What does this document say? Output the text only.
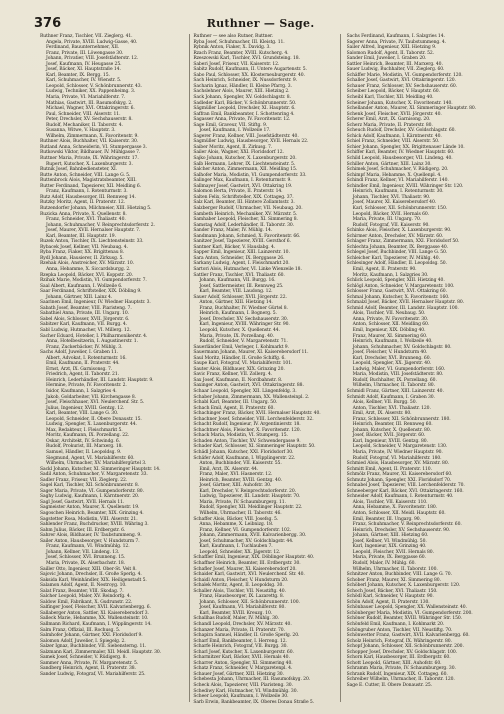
376	Ruthner — Sage.
Ruthner Franz, Tischler, VII. Zieglerg. 41.
Angela, Private, XVIII. Ludwig-Gasse, 40.
Ferdinand, Bauunternehmer, XII.
Franz, Private, III. Löwengasse 30.
Johann, Privatier, VIII. Josefstädterstr. 12.
Josef, Kaufmann, IV. Heugasse 25.
Josef, Bäcker, XI. Hauptstraße 14.
Karl, Beamter, IX. Bergg. 15.
Karl, Schuhmacher, IV. Wienstr. 5.
Leopold, Schlosser, V. Schönbrunnerstr. 43.
Ludwig, Techniker, XX. Pappenheimg. 3.
Maria, Private, VI. Mariahilferstr. 7.
Mathias, Gastwirt, III. Rasumofskyg. 2.
Michael, Wagner, XVI. Ottakringerstr. 6.
Paul, Schneider, VIII. Alserstr. 11.
Peter, Drechsler, XV. Sechshauserstr. 8.
Rudolf, Mechaniker, II. Taborstr. 4.
Susanna, Witwe, V. Hauptstr. 3.
Wilhelm, Zimmermann, X. Favoritenstr. 9.
Ruthner Alois, Buchhalter, VII. Kaiserstr. 30.
Rutland Anna, Schneiderin, VI. Stumpergasse 3.
Rutkowski Viktor, Bildhauer, IV. Mühlgasse 7.
Ruttner Maria, Private, IX. Währingerstr. 17.
Rupert, Kutscher, X. Laxenburgerstr. 3.
Rutnik Josef, Bahnbediensteter, XI.
Rutte Anton, Schneider, VIII. Lange G. 5.
Ruttenbrock Alois, Magistratsbeamter, XIII.
Rutter Ferdinand, Tapezierer, XII. Meidling 6.
Franz, Kaufmann, I. Rotenturmstr. 3.
Rutz Adolf, Hausbesorger, III. Rennweg 14.
Rutzky Moritz, Agent, II. Praterstr. 12.
Rutzendorfer Johann, Milchmeier, XIII. Hietzing 5.
Ruzicka Anna, Private, X. Quellenstr. 8.
Franz, Schneider, XVI. Thaliastr. 40.
Johann, Schuhmacher, V. Reinprechtsdorferstr. 2.
Josef, Maurer, XVII. Hernalser Hauptstr. 7.
Karl, Beamter, III. Hauptstr. 19.
Ruzek Anton, Tischler, IX. Liechtensteinstr. 33.
Rybacek Josef, Kellner, VII. Neubaug. 4.
Ryba Franz, Fiaker, XX. Brigittenau 8.
Rydl Johann, Hausierer, II. Zirkusg. 5.
Rzehak Alois, Anstreicher, XV. Märzstr. 10.
Anna, Hebamme, X. Siccardsburgg. 2.
Rzepka Leopold, Bäcker, XVI. Koppstr. 20.
Rzihak Marie, Modistin, VI. Gumpendorferstr. 7.
Saal Albert, Kaufmann, I. Wollzeile 6.
Saar Ferdinand, Schriftsteller, XIX. Döbling 9.
Johann, Gärtner, XIII. Lainz 4.
Saarinen Emil, Ingenieur, IV. Wiedner Hauptstr. 3.
Sabath Josef, Beamter, VIII. Piaristeng. 7.
Sabathiel Anna, Private, III. Ungarg. 10.
Sabel Alois, Schlosser, XVII. Jörgerstr. 6.
Sabitzer Karl, Kaufmann, VII. Burgg. 4.
Sabl Ludwig, Hutmacher, VI. Millerg. 12.
Sacher Eduard, Hotelier, I. Philharmonikerstr. 4.
Anna, Hotelbesitzerin, I. Augustinerstr. 1.
Franz, Zuckerbäcker, IV. Mühlg. 3.
Sachs Adolf, Juwelier, I. Graben 11.
Albert, Advokat, I. Rotenturmstr. 16.
Emil, Kaufmann, II. Praterstr. 44.
Ernst, Arzt, IX. Garnisonsg. 7.
Friedrich, Agent, II. Taborstr. 21.
Heinrich, Lederhändler, III. Landstr. Hauptstr. 9.
Hermine, Private, IV. Favoritenstr. 2.
Isidor, Kaufmann, I. Salzgries 4.
Jakob, Goldarbeiter, VII. Kirchengasse 8.
Josef, Fleischhauer, XVI. Neulerchenf. Str. 5.
Julius, Ingenieur, XVIII. Gentzg. 12.
Karl, Beamter, VIII. Lange G. 30.
Leopold, Schneider, II. Obere Donaustr. 15.
Ludwig, Spengler, X. Laxenburgerstr. 44.
Max, Redakteur, I. Fleischmarkt 5.
Moritz, Kaufmann, IX. Porzellang. 22.
Oskar, Architekt, IV. Schwindg. 6.
Rudolf, Prokurist, III. Marxerg. 18.
Samuel, Händler, II. Leopoldsg. 9.
Siegmund, Agent, VI. Mariahilferstr. 60.
Wilhelm, Uhrmacher, XV. Mariahilfergürtel 3.
Sackl Johann, Kutscher, XI. Simmeringer Hauptstr. 14.
Sadil Anton, Schuhmacher, V. Margaretenstr. 33.
Sadler Franz, Friseur, VII. Zieglerg. 22.
Sagel Karl, Tischler, XII. Schönbrunnerstr. 8.
Sager Maria, Private, VI. Gumpendorferstr. 80.
Saghy Ludwig, Kaufmann, I. Kärntnerstr. 20.
Sagl Josef, Gastwirt, XVII. Hernals 11.
Sagmeister Anton, Maurer, X. Quellenstr. 19.
Sagoschen Heinrich, Beamter, XIX. Grinzing 4.
Sagstetter Rosa, Modistin, VIII. Alserstr. 21.
Sahlender Franz, Buchdrucker, XVIII. Währing 3.
Sahm Julius, Bäcker, III. Erdbergstr. 6.
Sahrer Alois, Bildhauer, IV. Taubstummeng. 9.
Sailer Anton, Hausbesorger, V. Hundsturm 7.
Franz, Kaufmann, VI. Windmühlg. 12.
Johann, Kellner, VII. Lindeng. 13.
Josef, Schlosser, XVI. Brunneng. 15.
Maria, Private, IX. Alserbachstr. 18.
Sailler Otto, Ingenieur, XIII. Ober-St. Veit 8.
Sajovic Johann, Drechsler, II. Große Sperlg. 4.
Saksida Karl, Weinhändler, XIX. Heiligenstadt 5.
Salamon Adolf, Agent, II. Nestroyg. 10.
Salat Franz, Beamter, VIII. Skodag. 7.
Salcher Leopold, Maler, XV. Reindorfg. 4.
Saldow Emil, Fabrikant, X. Gudrunstr. 22.
Salfinger Josef, Fleischer, XVII. Kalvarienbergg. 6.
Sallaberger Anton, Sattler, XI. Kaiserebersdorf 3.
Salleck Marie, Hebamme, XX. Wallensteinstr. 10.
Sallmann Richard, Kaufmann, I. Wipplingerstr. 14.
Salm Franz, Offizial, III. Rochusg. 5.
Salmhofer Johann, Gärtner, XXI. Floridsdorf 9.
Salomon Adolf, Juwelier, I. Spiegelg. 2.
Salzer Ignaz, Buchbinder, VII. Siebensterng. 11.
Salzmann Karl, Zimmermaler, XII. Meidl. Hauptstr. 30.
Samek Josef, Schneider, V. Rüdigerg. 8.
Sammer Anna, Private, IV. Margaretenstr. 5.
Sandberg Heinrich, Agent, II. Praterstr. 38.
Sander Ludwig, Fotograf, VI. Mariahilferstr. 25.
Ruthner — see also Rutner, Ruttner.
Ryba Josef, Schuhmacher, III. Kleistg. 11.
Rybnik Anton, Fiaker, X. Davidg. 3.
Rzach Franz, Beamter, XVIII. Kutscherg. 4.
Rzeszowski Karl, Tischler, XVI. Grundsteing. 18.
Saberi Josef, Friseur, VII. Kaiserstr. 12.
Sabitz Rudolf, Kaufmann, II. Untere Augartenstr. 5.
Sabo Paul, Schlosser, XX. Klosterneuburgerstr. 40.
Sach Heinrich, Schneider, IX. Nussdorferstr. 9.
Sacharin Ignaz, Händler, II. Kleine Pfarrg. 3.
Sachslehner Alois, Maurer, XIII. Hietzing 2.
Sack Johann, Spengler, XV. Goldschlagstr. 8.
Sadleder Karl, Bäcker, V. Schönbrunnerstr. 50.
Sägmüller Leopold, Drechsler, XI. Hauptstr. 6.
Saffran Emil, Bankbeamter, I. Schottenring 4.
Sagasser Anna, Private, IV. Favoritenstr. 12.
Sage Emil, Graveur, VII. Stiftg. 9.
Josef, Kaufmann, I. Wollzeile 17.
Sagerer Franz, Kellner, VIII. Josefstädterstr. 40.
Sagmüller Ludwig, Hausbesorger, XVII. Hernals 22.
Saiber Moritz, Agent, II. Zirkusg. 7.
Sailer Alois, Wagner, XXI. Floridsdorf 12.
Sajko Johann, Kutscher, X. Laxenburgerstr. 20.
Salb Hermann, Lehrer, IX. Liechtensteinstr. 5.
Salcher Anton, Zimmermann, XII. Meidling 15.
Salhofer Maria, Modistin, VI. Gumpendorferstr. 33.
Salinger Max, Kaufmann, I. Rotenturmstr. 9.
Sallmayer Josef, Gastwirt, XVI. Ottakring 19.
Salomon Berta, Private, II. Praterstr. 14.
Salten Felix, Schriftsteller, XIX. Cottageg. 37.
Salz Karl, Beamter, III. Hintere Zollamtsstr. 3.
Salzberger Rudolf, Uhrmacher, VII. Neubaug. 20.
Sambeth Heinrich, Mechaniker, XV. Märzstr. 5.
Samhaber Leopold, Fleischer, XI. Simmering 8.
Samstag Adolf, Lederhändler, II. Taborstr. 30.
Sander Franz, Maler, IV. Mühlg. 14.
Sandmann Johann, Schmied, X. Favoritenstr. 66.
Sanitzer Josef, Tapezierer, XVIII. Gersthof 6.
Santner Karl, Bäcker, V. Hauslabg. 4.
Sapper Emil, Ingenieur, XIII. Lainzerstr. 10.
Sara Anton, Schneider, IX. Berggasse 26.
Sarkany Ludwig, Agent, I. Fleischmarkt 20.
Sartori Alois, Hutmacher, VI. Linke Wienzeile 18.
Sattler Franz, Tischler, XVI. Thaliastr. 60.
Johann, Kaufmann, VII. Burgg. 16.
Josef, Sattlermeister, III. Rennweg 25.
Karl, Beamter, VIII. Laudong. 12.
Sauer Adolf, Schlosser, XVII. Jörgerstr. 22.
Anton, Gärtner, XIII. Hietzing 14.
Franz, Buchhalter, IV. Wiedner Gürtel 8.
Heinrich, Kaufmann, I. Bognerg. 5.
Josef, Drechsler, XV. Sechshauserstr. 30.
Karl, Ingenieur, XVIII. Währinger Str. 90.
Leopold, Kutscher, X. Quellenstr. 44.
Maria, Private, IX. Porzellang. 40.
Rudolf, Schneider, V. Margaretenstr. 71.
Sauerländer Emil, Verleger, I. Kohlmarkt 9.
Sauermann Johann, Maurer, XI. Kaiserebersdorf 11.
Saul Moritz, Händler, II. Große Schiffg. 6.
Saupe Karl, Fotograf, VI. Mariahilferstr. 101.
Sauter Alois, Bildhauer, XIX. Grinzing 20.
Savic Franz, Kellner, VII. Zollerg. 4.
Sax Josef, Kaufmann, II. Nordbahnstr. 8.
Saxinger Anton, Gastwirt, XVI. Ottakringerstr. 88.
Schaar Leopold, Spengler, XII. Längenfeldg. 3.
Schaber Johann, Zimmermann, XX. Wallensteinpl. 2.
Schabl Karl, Beamter, III. Ungarg. 50.
Schach Emil, Agent, II. Praterstr. 60.
Schachinger Franz, Bäcker, XVII. Hernalser Hauptstr. 40.
Schachner Josef, Schneider, VIII. Lerchenfelderstr. 32.
Schacht Rudolf, Ingenieur, IV. Argentinierstr. 18.
Schachtner Alois, Fleischer, X. Favoritenstr. 120.
Schack Maria, Modistin, VI. Stumperg. 15.
Schaden Anton, Tischler, XV. Schwendergasse 9.
Schader Karl, Schlosser, XI. Simmeringer Hauptstr. 50.
Schädl Johann, Kutscher, XXI. Floridsdorf 30.
Schäfer Adolf, Kaufmann, I. Wipplingerstr. 22.
Anton, Buchbinder, VII. Kaiserstr. 55.
Emil, Arzt, IX. Alserstr. 44.
Franz, Maler, XVI. Hasnerstr. 12.
Heinrich, Beamter, XVIII. Gentzg. 40.
Josef, Gärtner, XIII. Auhofstr. 30.
Karl, Drechsler, V. Reinprechtsdorferstr. 20.
Ludwig, Tapezierer, III. Landstr. Hauptstr. 70.
Maria, Private, IV. Schaumburgerg. 11.
Rudolf, Spengler, XII. Meidlinger Hauptstr. 22.
Wilhelm, Uhrmacher, II. Taborstr. 46.
Schaffer Alois, Bäcker, VIII. Josefsg. 5.
Anna, Hebamme, X. Leibnizg. 18.
Franz, Kellner, VI. Gumpendorferstr. 102.
Johann, Zimmermann, XVII. Kalvarienbergg. 30.
Josef, Schuhmacher, XV. Goldschlagstr. 44.
Karl, Kaufmann, I. Tuchlauben 7.
Leopold, Schneider, XX. Jägerstr. 12.
Schaffler Emil, Ingenieur, XIX. Döblinger Hauptstr. 40.
Schaffner Heinrich, Beamter, III. Erdbergstr. 30.
Schafler Josef, Maurer, XI. Kaiserebersdorf 20.
Schaider Karl, Gastwirt, XVI. Neulerchenf. Str. 40.
Schaidl Anton, Fleischer, V. Hundsturm 20.
Schalek Moritz, Agent, II. Leopoldsg. 30.
Schaller Alois, Tischler, VII. Neustiftg. 40.
Franz, Hausbesorger, IX. Lazarettg. 8.
Johann, Schlosser, XII. Schönbrunnerstr. 100.
Josef, Kaufmann, VI. Mariahilferstr. 80.
Karl, Beamter, XVIII. Kreuzg. 10.
Schallhas Rudolf, Maler, IV. Mühlg. 30.
Schandl Leopold, Drechsler, XV. Märzstr. 40.
Schanzer Maria, Private, II. Praterstr. 70.
Schapira Samuel, Händler, II. Große Sperlg. 20.
Scharf Emil, Bankbeamter, I. Herreng. 12.
Scharfe Heinrich, Fotograf, VII. Burgg. 30.
Scharl Josef, Kutscher, X. Laxenburgerstr. 60.
Scharmitzer Karl, Bäcker, XVII. Hernals 40.
Scharrer Anton, Spengler, XI. Simmering 40.
Schatz Franz, Schneider, V. Margaretenpl. 4.
Schauer Josef, Gärtner, XIII. Hietzing 30.
Schebesta Johann, Uhrmacher, III. Rasumofskyg. 20.
Scheck Alois, Tapezierer, VIII. Piaristeng. 30.
Schediwy Karl, Hutmacher, VI. Windmühlg. 30.
Scheer Leopold, Kaufmann, I. Wollzeile 30.
Sarb Erwin, Bankbeamter, IX. Oberes Donau Straße 5.
Sachs Ferdinand, Kaufmann, I. Salzgries 14.
Sagerer Anna, Private, IV. Taubstummeng. 4.
Sailer Alfred, Ingenieur, XIII. Hietzing 9.
Salomon Rudolf, Agent, II. Taborstr. 52.
Sander Emil, Juwelier, I. Graben 20.
Sattler Heinrich, Beamter, III. Marxerg. 40.
Sauer Ludwig, Buchhalter, VII. Zieglerg. 60.
Schäffer Marie, Modistin, VI. Gumpendorferstr. 120.
Schaller Josef, Gastwirt, XVI. Ottakringerstr. 120.
Schauer Franz, Schlosser, XV. Sechshauserstr. 60.
Scheiber Leopold, Bäcker, V. Hauptstr. 60.
Scheibl Karl, Tischler, XII. Meidling 40.
Scheiner Johann, Kutscher, X. Favoritenstr. 140.
Schellander Anton, Maurer, XI. Simmeringer Hauptstr. 80.
Schenk Josef, Fleischer, XVII. Jörgerstr. 40.
Scherer Emil, Arzt, IX. Garnisong. 20.
Scherz Maria, Private, II. Praterstr. 80.
Scheuch Rudolf, Drechsler, XV. Goldschlagstr. 60.
Schick Adolf, Kaufmann, I. Kärntnerstr. 40.
Schiel Franz, Schneider, VIII. Alserstr. 50.
Schier Johann, Spengler, XX. Brigittenauer Lände 10.
Schiffer Karl, Beamter, IV. Wiedner Hauptstr. 60.
Schild Leopold, Hausbesorger, VII. Lindeng. 40.
Schiller Anton, Gärtner, XIII. Lainz 30.
Schimek Josef, Schuhmacher, V. Rüdigerg. 20.
Schimpf Maria, Hebamme, X. Quellenpl. 4.
Schindl Franz, Kellner, VI. Mariahilferstr. 140.
Schindler Emil, Ingenieur, XVIII. Währinger Str. 120.
Heinrich, Kaufmann, I. Rotenturmstr. 30.
Johann, Tischler, XVI. Thaliastr. 90.
Josef, Maurer, XI. Kaiserebersdorf 40.
Karl, Schlosser, XII. Schönbrunnerstr. 150.
Leopold, Bäcker, XVII. Hernals 60.
Maria, Private, III. Ungarg. 70.
Rudolf, Fotograf, VII. Kaiserstr. 90.
Schinko Alois, Fleischer, X. Laxenburgerstr. 90.
Schirmer Anton, Drechsler, XV. Märzstr. 60.
Schlager Franz, Zimmermann, XXI. Floridsdorf 50.
Schlechta Johann, Beamter, IX. Berggasse 40.
Schlegel Josef, Buchbinder, VIII. Lange G. 50.
Schleicher Karl, Tapezierer, IV. Mühlg. 40.
Schlesinger Adolf, Händler, II. Leopoldsg. 50.
Emil, Agent, II. Praterstr. 90.
Moritz, Kaufmann, I. Salzgries 30.
Schlick Leopold, Spengler, XIII. Hietzing 40.
Schlögl Anton, Schneider, V. Margaretenstr. 100.
Schlosser Franz, Gastwirt, XVI. Ottakring 60.
Schmal Johann, Kutscher, X. Favoritenstr. 160.
Schmalzl Josef, Bäcker, XVII. Hernalser Hauptstr. 80.
Schmid Adolf, Beamter, III. Landstr. Hauptstr. 100.
Alois, Tischler, VII. Neubaug. 50.
Anna, Private, IV. Favoritenstr. 30.
Anton, Schlosser, XII. Meidling 60.
Emil, Ingenieur, XIX. Döbling 40.
Franz, Maurer, XI. Simmering 60.
Heinrich, Kaufmann, I. Wollzeile 40.
Johann, Schuhmacher, XV. Goldschlagstr. 80.
Josef, Fleischer, V. Hundsturm 40.
Karl, Drechsler, XVI. Brunneng. 60.
Leopold, Spengler, XX. Jägerstr. 40.
Ludwig, Maler, VI. Gumpendorferstr. 160.
Maria, Modistin, VIII. Josefstädterstr. 80.
Rudolf, Buchhalter, IX. Porzellang. 60.
Wilhelm, Uhrmacher, II. Taborstr. 80.
Schmidl Franz, Gärtner, XIII. Lainzerstr. 40.
Schmidt Adolf, Kaufmann, I. Graben 30.
Alois, Kellner, VII. Burgg. 50.
Anton, Tischler, XVI. Thaliastr. 120.
Emil, Arzt, IX. Alserstr. 80.
Franz, Schlosser, XII. Schönbrunnerstr. 180.
Heinrich, Beamter, III. Rennweg 60.
Johann, Kutscher, X. Quellenstr. 80.
Josef, Bäcker, XVII. Jörgerstr. 60.
Karl, Ingenieur, XVIII. Gentzg. 80.
Leopold, Schneider, V. Margaretenstr. 130.
Maria, Private, IV. Wiedner Hauptstr. 90.
Rudolf, Fotograf, VI. Mariahilferstr. 180.
Schmied Alois, Hausbesorger, XV. Märzstr. 80.
Schmitt Emil, Agent, II. Praterstr. 110.
Schmölz Franz, Maurer, XI. Kaiserebersdorf 60.
Schmutz Johann, Spengler, XXI. Floridsdorf 70.
Schnabel Josef, Tapezierer, VIII. Lerchenfelderstr. 70.
Schneeberger Karl, Bäcker, XVI. Ottakringerstr. 160.
Schneider Adolf, Kaufmann, I. Rotenturmstr. 40.
Alois, Tischler, VII. Kaiserstr. 110.
Anna, Hebamme, X. Favoritenstr. 180.
Anton, Schlosser, XII. Meidl. Hauptstr. 60.
Emil, Beamter, III. Ungarg. 90.
Franz, Schuhmacher, V. Reinprechtsdorferstr. 60.
Heinrich, Drechsler, XV. Sechshauserstr. 90.
Johann, Gärtner, XIII. Hietzing 60.
Josef, Kellner, VI. Windmühlg. 50.
Karl, Ingenieur, XIX. Grinzing 40.
Leopold, Fleischer, XVII. Hernals 80.
Maria, Private, IX. Berggasse 60.
Rudolf, Maler, IV. Mühlg. 60.
Wilhelm, Uhrmacher, II. Taborstr. 100.
Schnitzer Anton, Buchbinder, VIII. Lange G. 70.
Schober Franz, Maurer, XI. Simmering 80.
Schöberl Johann, Kutscher, X. Laxenburgerstr. 120.
Schoch Josef, Bäcker, XVI. Thaliastr. 150.
Schödl Karl, Schneider, V. Hauptstr. 90.
Schön Adolf, Agent, II. Praterstr. 130.
Schönbauer Leopold, Spengler, XX. Wallensteinstr. 40.
Schönberger Maria, Modistin, VI. Gumpendorferstr. 200.
Schöner Rudolf, Beamter, XVIII. Währinger Str. 150.
Schönfeld Emil, Kaufmann, I. Kohlmarkt 20.
Schöngruber Anton, Tischler, VII. Neustiftg. 70.
Schönwetter Franz, Gastwirt, XVII. Kalvarienbergg. 60.
Scholz Heinrich, Fotograf, IX. Währingerstr. 80.
Schopf Johann, Schlosser, XII. Schönbrunnerstr. 200.
Schopper Josef, Drechsler, XV. Goldschlagstr. 100.
Schorn Karl, Hausbesorger, III. Erdbergstr. 60.
Schott Leopold, Gärtner, XIII. Auhofstr. 60.
Schramm Maria, Private, IV. Schaumburgerg. 30.
Schrank Rudolf, Ingenieur, XIX. Cottageg. 60.
Schreiber Wilhelm, Uhrmacher, II. Taborstr. 120.
Sage E. Cutter, II. Obere Donaustr. 25.
